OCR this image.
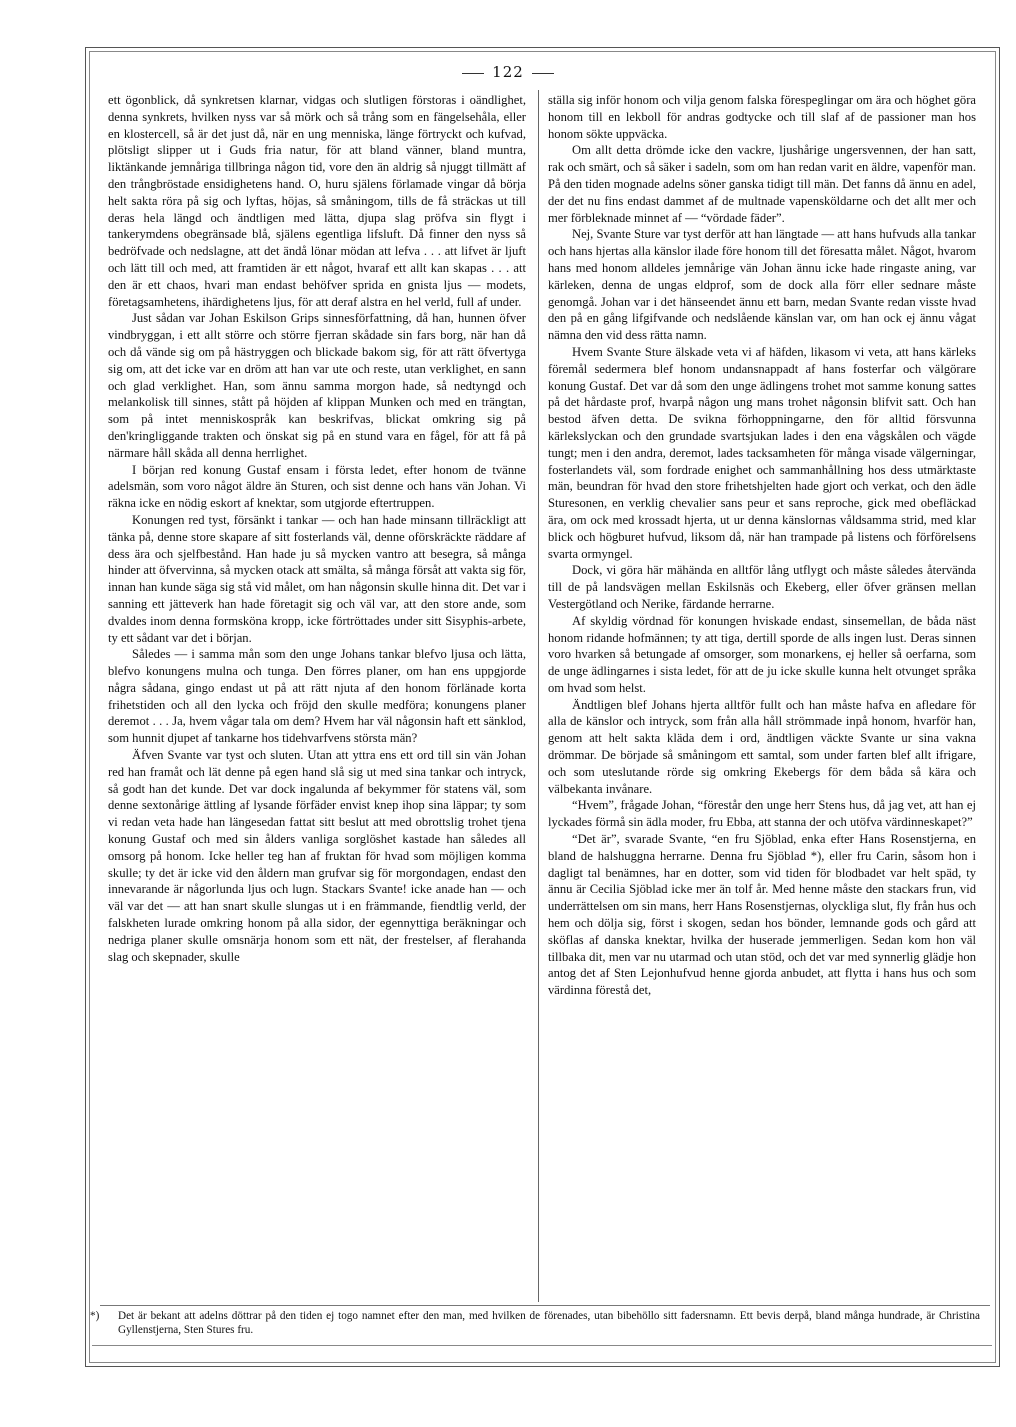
122

ett ögonblick, då synkretsen klarnar, vidgas och slutligen förstoras i oändlighet, denna synkrets, hvilken nyss var så mörk och så trång som en fängelsehåla, eller en klostercell, så är det just då, när en ung menniska, länge förtryckt och kufvad, plötsligt slipper ut i Guds fria natur, för att bland vänner, bland muntra, liktänkande jemnåriga tillbringa någon tid, vore den än aldrig så njuggt tillmätt af den trångbröstade ensidighetens hand. O, huru själens förlamade vingar då börja helt sakta röra på sig och lyftas, höjas, så småningom, tills de få sträckas ut till deras hela längd och ändtligen med lätta, djupa slag pröfva sin flygt i tankerymdens obegränsade blå, själens egentliga lifsluft. Då finner den nyss så bedröfvade och nedslagne, att det ändå lönar mödan att lefva . . . att lifvet är ljuft och lätt till och med, att framtiden är ett något, hvaraf ett allt kan skapas . . . att den är ett chaos, hvari man endast behöfver sprida en gnista ljus — modets, företagsamhetens, ihärdighetens ljus, för att deraf alstra en hel verld, full af under.

Just sådan var Johan Eskilson Grips sinnesförfattning, då han, hunnen öfver vindbryggan, i ett allt större och större fjerran skådade sin fars borg, när han då och då vände sig om på hästryggen och blickade bakom sig, för att rätt öfvertyga sig om, att det icke var en dröm att han var ute och reste, utan verklighet, en sann och glad verklighet. Han, som ännu samma morgon hade, så nedtyngd och melankolisk till sinnes, stått på höjden af klippan Munken och med en trängtan, som på intet menniskospråk kan beskrifvas, blickat omkring sig på den'kringliggande trakten och önskat sig på en stund vara en fågel, för att få på närmare håll skåda all denna herrlighet.

I början red konung Gustaf ensam i första ledet, efter honom de tvänne adelsmän, som voro något äldre än Sturen, och sist denne och hans vän Johan. Vi räkna icke en nödig eskort af knektar, som utgjorde eftertruppen.

Konungen red tyst, försänkt i tankar — och han hade minsann tillräckligt att tänka på, denne store skapare af sitt fosterlands väl, denne oförskräckte räddare af dess ära och sjelfbestånd. Han hade ju så mycken vantro att besegra, så många hinder att öfvervinna, så mycken otack att smälta, så många försåt att vakta sig för, innan han kunde säga sig stå vid målet, om han någonsin skulle hinna dit. Det var i sanning ett jätteverk han hade företagit sig och väl var, att den store ande, som dvaldes inom denna formsköna kropp, icke förtröttades under sitt Sisyphis-arbete, ty ett sådant var det i början.

Således — i samma mån som den unge Johans tankar blefvo ljusa och lätta, blefvo konungens mulna och tunga. Den förres planer, om han ens uppgjorde några sådana, gingo endast ut på att rätt njuta af den honom förlänade korta frihetstiden och all den lycka och fröjd den skulle medföra; konungens planer deremot . . . Ja, hvem vågar tala om dem? Hvem har väl någonsin haft ett sänklod, som hunnit djupet af tankarne hos tidehvarfvens största män?

Äfven Svante var tyst och sluten. Utan att yttra ens ett ord till sin vän Johan red han framåt och lät denne på egen hand slå sig ut med sina tankar och intryck, så godt han det kunde. Det var dock ingalunda af bekymmer för statens väl, som denne sextonårige ättling af lysande förfäder envist knep ihop sina läppar; ty som vi redan veta hade han längesedan fattat sitt beslut att med obrottslig trohet tjena konung Gustaf och med sin ålders vanliga sorglöshet kastade han således all omsorg på honom. Icke heller teg han af fruktan för hvad som möjligen komma skulle; ty det är icke vid den åldern man grufvar sig för morgondagen, endast den innevarande är någorlunda ljus och lugn. Stackars Svante! icke anade han — och väl var det — att han snart skulle slungas ut i en främmande, fiendtlig verld, der falskheten lurade omkring honom på alla sidor, der egennyttiga beräkningar och nedriga planer skulle omsnärja honom som ett nät, der frestelser, af flerahanda slag och skepnader, skulle

ställa sig inför honom och vilja genom falska förespeglingar om ära och höghet göra honom till en lekboll för andras godtycke och till slaf af de passioner man hos honom sökte uppväcka.

Om allt detta drömde icke den vackre, ljushårige ungersvennen, der han satt, rak och smärt, och så säker i sadeln, som om han redan varit en äldre, vapenför man. På den tiden mognade adelns söner ganska tidigt till män. Det fanns då ännu en adel, der det nu fins endast dammet af de multnade vapensköldarne och det allt mer och mer förbleknade minnet af — “vördade fäder”.

Nej, Svante Sture var tyst derför att han längtade — att hans hufvuds alla tankar och hans hjertas alla känslor ilade före honom till det föresatta målet. Något, hvarom hans med honom alldeles jemnårige vän Johan ännu icke hade ringaste aning, var kärleken, denna de ungas eldprof, som de dock alla förr eller sednare måste genomgå. Johan var i det hänseendet ännu ett barn, medan Svante redan visste hvad den på en gång lifgifvande och nedslående känslan var, om han ock ej ännu vågat nämna den vid dess rätta namn.

Hvem Svante Sture älskade veta vi af häfden, likasom vi veta, att hans kärleks föremål sedermera blef honom undansnappadt af hans fosterfar och välgörare konung Gustaf. Det var då som den unge ädlingens trohet mot samme konung sattes på det hårdaste prof, hvarpå någon ung mans trohet någonsin blifvit satt. Och han bestod äfven detta. De svikna förhoppningarne, den för alltid försvunna kärlekslyckan och den grundade svartsjukan lades i den ena vågskålen och vägde tungt; men i den andra, deremot, lades tacksamheten för många visade välgerningar, fosterlandets väl, som fordrade enighet och sammanhållning hos dess utmärktaste män, beundran för hvad den store frihetshjelten hade gjort och verkat, och den ädle Sturesonen, en verklig chevalier sans peur et sans reproche, gick med obefläckad ära, om ock med krossadt hjerta, ut ur denna känslornas våldsamma strid, med klar blick och högburet hufvud, liksom då, när han trampade på listens och förförelsens svarta ormyngel.

Dock, vi göra här mähända en alltför lång utflygt och måste således återvända till de på landsvägen mellan Eskilsnäs och Ekeberg, eller öfver gränsen mellan Vestergötland och Nerike, färdande herrarne.

Af skyldig vördnad för konungen hviskade endast, sinsemellan, de båda näst honom ridande hofmännen; ty att tiga, dertill sporde de alls ingen lust. Deras sinnen voro hvarken så betungade af omsorger, som monarkens, ej heller så oerfarna, som de unge ädlingarnes i sista ledet, för att de ju icke skulle kunna helt otvunget språka om hvad som helst.

Ändtligen blef Johans hjerta alltför fullt och han måste hafva en afledare för alla de känslor och intryck, som från alla håll strömmade inpå honom, hvarför han, genom att helt sakta kläda dem i ord, ändtligen väckte Svante ur sina vakna drömmar. De började så småningom ett samtal, som under farten blef allt ifrigare, och som uteslutande rörde sig omkring Ekebergs för dem båda så kära och välbekanta invånare.

“Hvem”, frågade Johan, “förestår den unge herr Stens hus, då jag vet, att han ej lyckades förmå sin ädla moder, fru Ebba, att stanna der och utöfva värdinneskapet?”

“Det är”, svarade Svante, “en fru Sjöblad, enka efter Hans Rosenstjerna, en bland de halshuggna herrarne. Denna fru Sjöblad *), eller fru Carin, såsom hon i dagligt tal benämnes, har en dotter, som vid tiden för blodbadet var helt späd, ty ännu är Cecilia Sjöblad icke mer än tolf år. Med henne måste den stackars frun, vid underrättelsen om sin mans, herr Hans Rosenstjernas, olyckliga slut, fly från hus och hem och dölja sig, först i skogen, sedan hos bönder, lemnande gods och gård att sköflas af danska knektar, hvilka der huserade jemmerligen. Sedan kom hon väl tillbaka dit, men var nu utarmad och utan stöd, och det var med synnerlig glädje hon antog det af Sten Lejonhufvud henne gjorda anbudet, att flytta i hans hus och som värdinna förestå det,

*) Det är bekant att adelns döttrar på den tiden ej togo namnet efter den man, med hvilken de förenades, utan bibehöllo sitt fadersnamn. Ett bevis derpå, bland många hundrade, är Christina Gyllenstjerna, Sten Stures fru.
